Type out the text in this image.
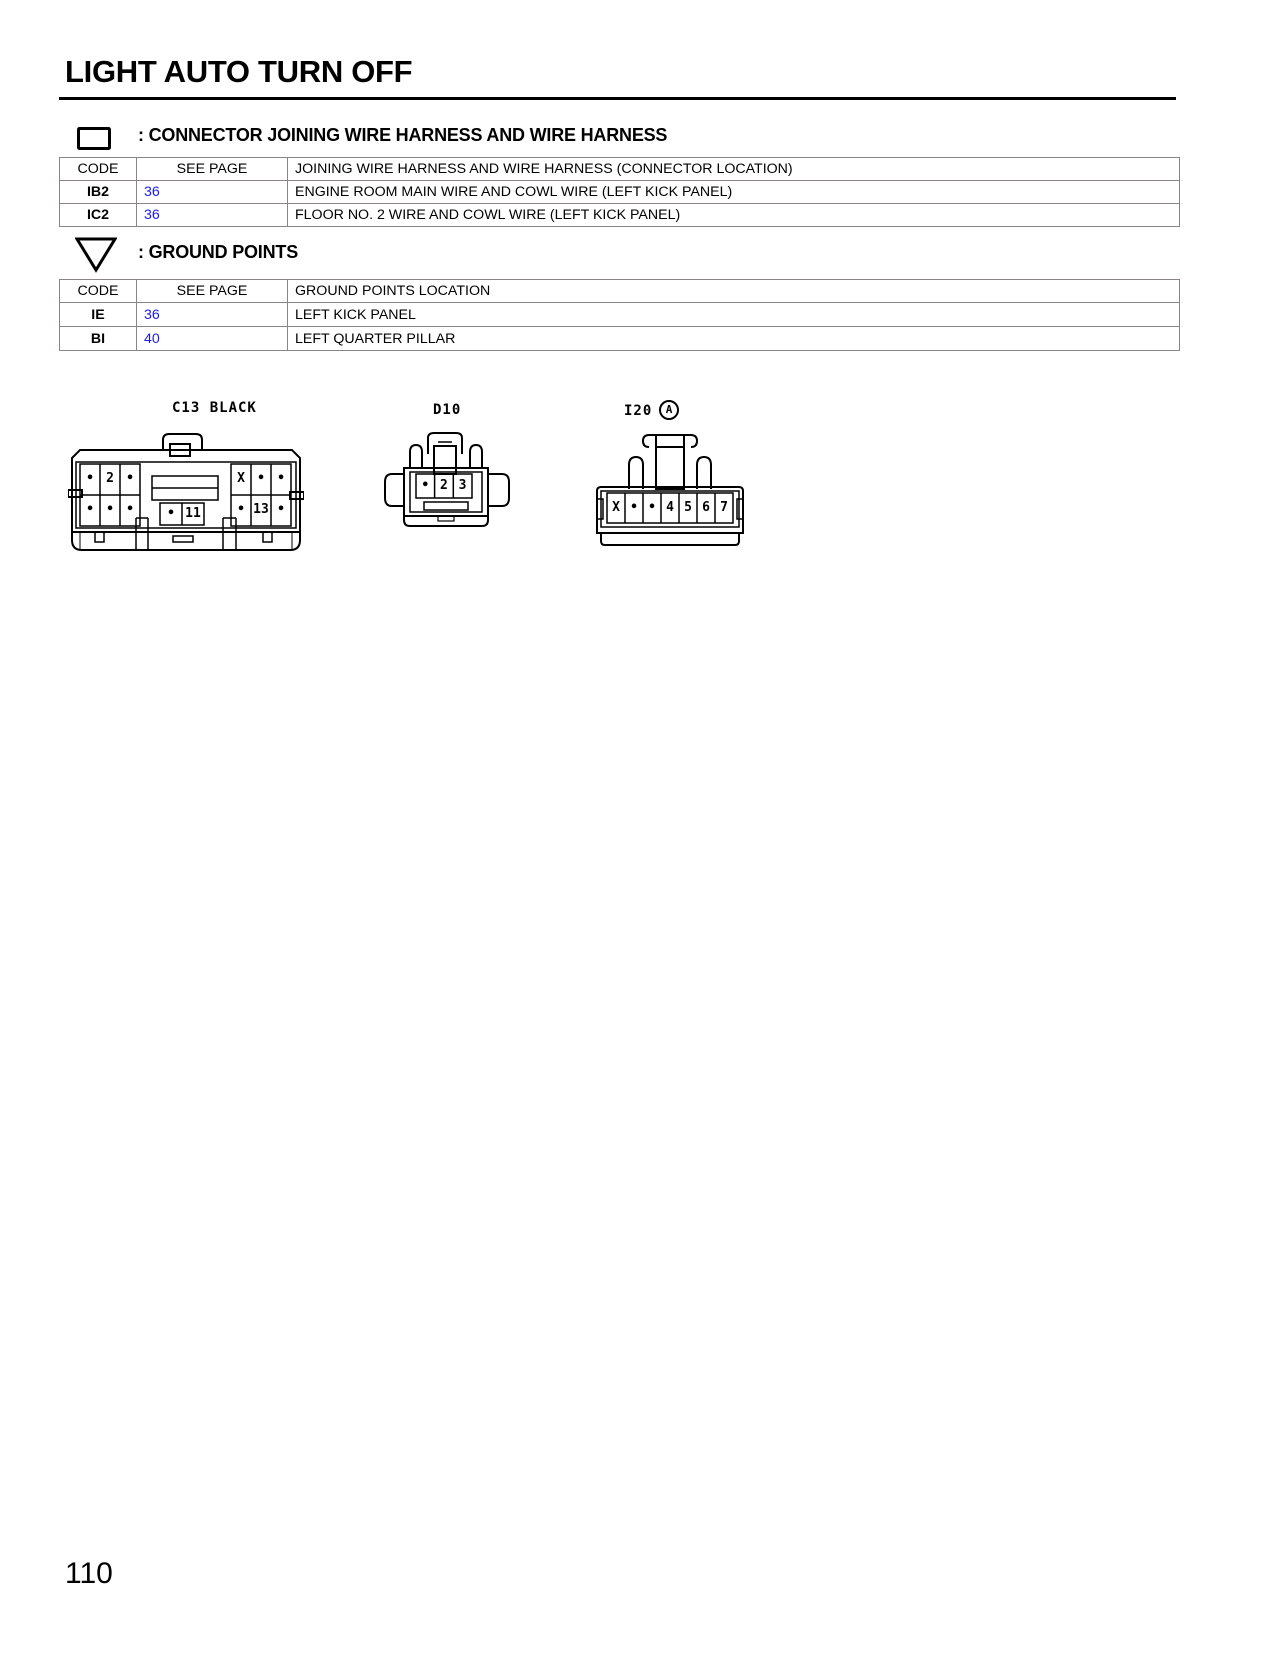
LIGHT AUTO TURN OFF
: CONNECTOR JOINING WIRE HARNESS AND WIRE HARNESS
CODE	SEE PAGE	JOINING WIRE HARNESS AND WIRE HARNESS (CONNECTOR LOCATION)
IB2	36	ENGINE ROOM MAIN WIRE AND COWL WIRE (LEFT KICK PANEL)
IC2	36	FLOOR NO. 2 WIRE AND COWL WIRE (LEFT KICK PANEL)
: GROUND POINTS
CODE	SEE PAGE	GROUND POINTS LOCATION
IE	36	LEFT KICK PANEL
BI	40	LEFT QUARTER PILLAR
C13 BLACK
• 2 •
• • •	• 11
X • •
• 13 •
D10
• 2 3
I20	A
X • • 4 5 6 7
110
